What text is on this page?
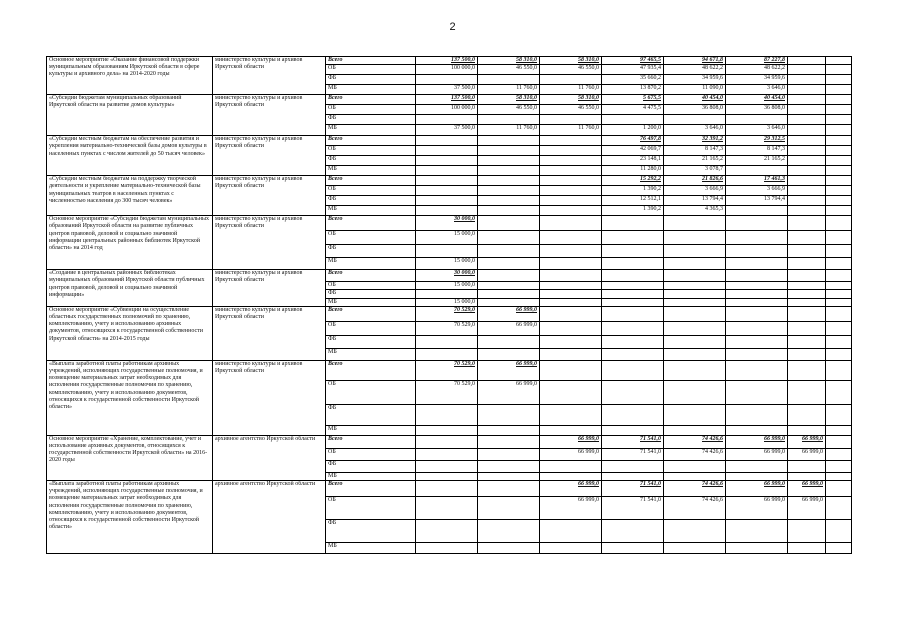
2
Основное мероприятие «Оказание финансовой поддержки муниципальным образованиям Иркутской области в сфере культуры и архивного дела» на 2014-2020 годы	министерство культуры и архивов Иркутской области	Всего	137 500,0	58 310,0	58 310,0	97 465,5	94 671,8	87 227,8		
		ОБ	100 000,0	46 550,0	46 550,0	47 935,4	48 622,2	48 622,2		
		ФБ				35 660,2	34 959,6	34 959,6		
		МБ	37 500,0	11 760,0	11 760,0	13 870,2	11 090,0	3 646,0		
«Субсидии бюджетам муниципальных образований Иркутской области на развитие домов культуры»	министерство культуры и архивов Иркутской области	Всего	137 500,0	58 310,0	58 310,0	5 675,5	40 454,0	40 454,0		
		ОБ	100 000,0	46 550,0	46 550,0	4 475,5	36 808,0	36 808,0		
		ФБ								
		МБ	37 500,0	11 760,0	11 760,0	1 200,0	3 646,0	3 646,0		
«Субсидии местным бюджетам на обеспечение развития и укрепления материально-технической базы домов культуры в населенных пунктах с числом жителей до 50 тысяч человек»	министерство культуры и архивов Иркутской области	Всего				76 497,8	32 391,2	29 312,5		
		ОБ				42 069,7	8 147,3	8 147,3		
		ФБ				23 148,1	21 165,2	21 165,2		
		МБ				11 280,0	3 078,7			
«Субсидии местным бюджетам на поддержку творческой деятельности и укрепление материально-технической базы муниципальных театров в населенных пунктах с численностью населения до 300 тысяч человек»	министерство культуры и архивов Иркутской области	Всего				15 292,2	21 826,6	17 461,3		
		ОБ				1 390,2	3 666,9	3 666,9		
		ФБ				12 512,1	13 794,4	13 794,4		
		МБ				1 390,2	4 365,3			
Основное мероприятие «Субсидии бюджетам муниципальных образований Иркутской области на развитие публичных центров правовой, деловой и социально значимой информации центральных районных библиотек Иркутской области» на 2014 год	министерство культуры и архивов Иркутской области	Всего	30 000,0							
		ОБ	15 000,0							
		ФБ								
		МБ	15 000,0							
«Создание в центральных районных библиотеках муниципальных образований Иркутской области публичных центров правовой, деловой и социально значимой информации»	министерство культуры и архивов Иркутской области	Всего	30 000,0							
		ОБ	15 000,0							
		ФБ								
		МБ	15 000,0							
Основное мероприятие «Субвенции на осуществление областных государственных полномочий по хранению, комплектованию, учету и использованию архивных документов, относящихся к государственной собственности Иркутской области» на 2014-2015 годы	министерство культуры и архивов Иркутской области	Всего	70 529,0	66 999,0						
		ОБ	70 529,0	66 999,0						
		ФБ								
		МБ								
«Выплата заработной платы работникам архивных учреждений, исполняющих государственные полномочия, и возмещение материальных затрат необходимых для исполнения государственные полномочия по хранению, комплектованию, учету и использованию документов, относящихся к государственной собственности Иркутской области»	министерство культуры и архивов Иркутской области	Всего	70 529,0	66 999,0						
		ОБ	70 529,0	66 999,0						
		ФБ								
		МБ								
Основное мероприятие «Хранение, комплектование, учет и использование архивных документов, относящихся к государственной собственности Иркутской области» на 2016-2020 годы	архивное агентство Иркутской области	Всего			66 999,0	71 541,0	74 426,6	66 999,0	66 999,0	
		ОБ			66 999,0	71 541,0	74 426,6	66 999,0	66 999,0	
		ФБ								
		МБ								
«Выплата заработной платы работникам архивных учреждений, исполняющих государственные полномочия, и возмещение материальных затрат необходимых для исполнения государственные полномочия по хранению, комплектованию, учету и использованию документов, относящихся к государственной собственности Иркутской области»	архивное агентство Иркутской области	Всего			66 999,0	71 541,0	74 426,6	66 999,0	66 999,0	
		ОБ			66 999,0	71 541,0	74 426,6	66 999,0	66 999,0	
		ФБ								
		МБ								
